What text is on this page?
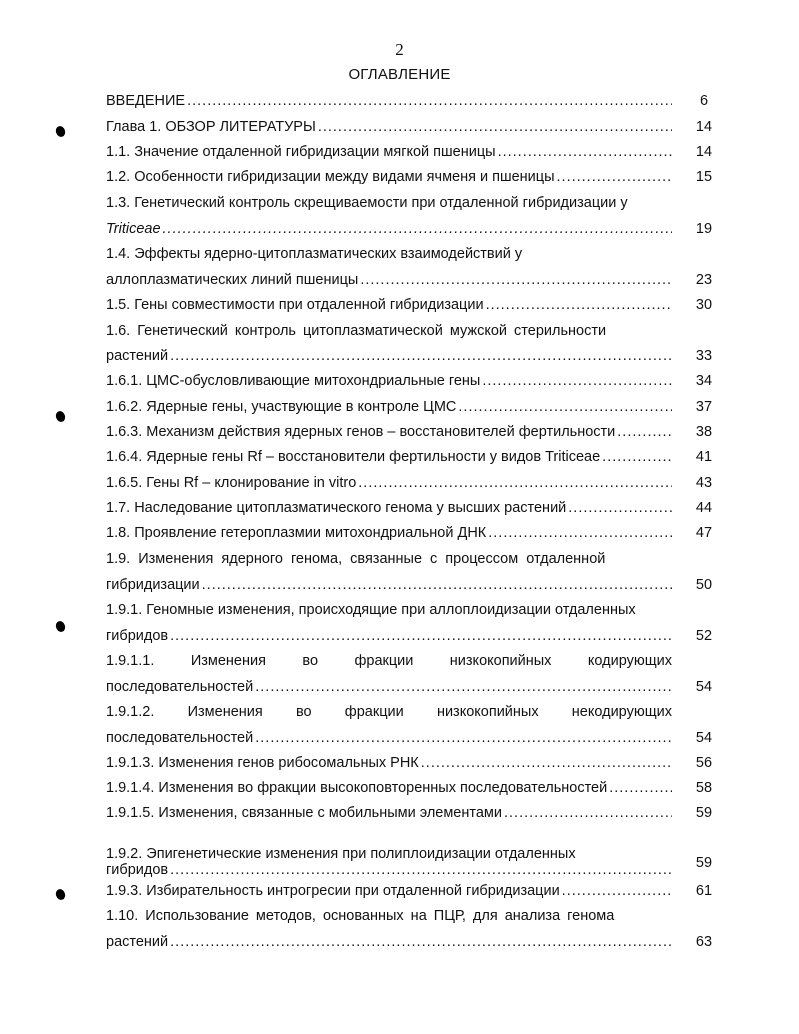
2
ОГЛАВЛЕНИЕ
ВВЕДЕНИЕ .....	6
Глава 1. ОБЗОР ЛИТЕРАТУРЫ .....	14
1.1. Значение отдаленной гибридизации мягкой пшеницы .....	14
1.2. Особенности гибридизации между видами ячменя и пшеницы .....	15
1.3. Генетический контроль скрещиваемости при отдаленной гибридизации у
Triticeae .....	19
1.4. Эффекты ядерно-цитоплазматических взаимодействий у
аллоплазматических линий пшеницы .....	23
1.5. Гены совместимости при отдаленной гибридизации .....	30
1.6. Генетический контроль цитоплазматической мужской стерильности
растений .....	33
1.6.1. ЦМС-обусловливающие митохондриальные гены .....	34
1.6.2. Ядерные гены, участвующие в контроле ЦМС .....	37
1.6.3. Механизм действия ядерных генов – восстановителей фертильности .....	38
1.6.4. Ядерные гены Rf – восстановители фертильности у видов Triticeae .....	41
1.6.5. Гены Rf – клонирование in vitro .....	43
1.7. Наследование цитоплазматического генома у высших растений .....	44
1.8. Проявление гетероплазмии митохондриальной ДНК .....	47
1.9. Изменения ядерного генома, связанные с процессом отдаленной
гибридизации .....	50
1.9.1. Геномные изменения, происходящие при аллоплоидизации отдаленных
гибридов .....	52
1.9.1.1. Изменения во фракции низкокопийных кодирующих
последовательностей .....	54
1.9.1.2. Изменения во фракции низкокопийных некодирующих
последовательностей .....	54
1.9.1.3. Изменения генов рибосомальных РНК .....	56
1.9.1.4. Изменения во фракции высокоповторенных последовательностей .....	58
1.9.1.5. Изменения, связанные с мобильными элементами .....	59
1.9.2. Эпигенетические изменения при полиплоидизации отдаленных
гибридов .....	59
1.9.3. Избирательность интрогресии при отдаленной гибридизации .....	61
1.10. Использование методов, основанных на ПЦР, для анализа генома
растений .....	63
